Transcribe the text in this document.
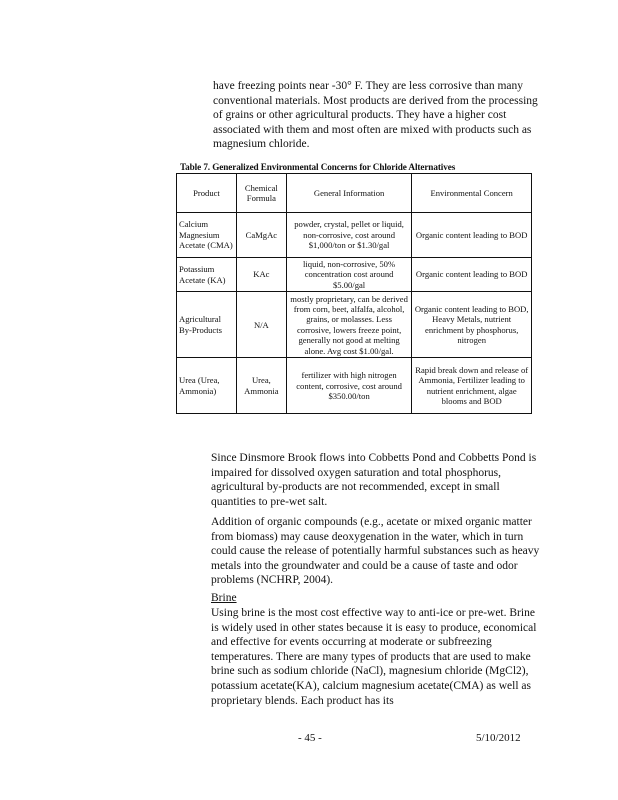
have freezing points near -30° F. They are less corrosive than many conventional materials. Most products are derived from the processing of grains or other agricultural products. They have a higher cost associated with them and most often are mixed with products such as magnesium chloride.

Table 7. Generalized Environmental Concerns for Chloride Alternatives
Product	Chemical Formula	General Information	Environmental Concern
Calcium Magnesium Acetate (CMA)	CaMgAc	powder, crystal, pellet or liquid, non-corrosive, cost around $1,000/ton or $1.30/gal	Organic content leading to BOD
Potassium Acetate (KA)	KAc	liquid, non-corrosive, 50% concentration cost around $5.00/gal	Organic content leading to BOD
Agricultural By-Products	N/A	mostly proprietary, can be derived from corn, beet, alfalfa, alcohol, grains, or molasses. Less corrosive, lowers freeze point, generally not good at melting alone. Avg cost $1.00/gal.	Organic content leading to BOD, Heavy Metals, nutrient enrichment by phosphorus, nitrogen
Urea (Urea, Ammonia)	Urea, Ammonia	fertilizer with high nitrogen content, corrosive, cost around $350.00/ton	Rapid break down and release of Ammonia, Fertilizer leading to nutrient enrichment, algae blooms and BOD

Since Dinsmore Brook flows into Cobbetts Pond and Cobbetts Pond is impaired for dissolved oxygen saturation and total phosphorus, agricultural by-products are not recommended, except in small quantities to pre-wet salt.

Addition of organic compounds (e.g., acetate or mixed organic matter from biomass) may cause deoxygenation in the water, which in turn could cause the release of potentially harmful substances such as heavy metals into the groundwater and could be a cause of taste and odor problems (NCHRP, 2004).

Brine

Using brine is the most cost effective way to anti-ice or pre-wet. Brine is widely used in other states because it is easy to produce, economical and effective for events occurring at moderate or subfreezing temperatures. There are many types of products that are used to make brine such as sodium chloride (NaCl), magnesium chloride (MgCl2), potassium acetate(KA), calcium magnesium acetate(CMA) as well as proprietary blends. Each product has its

- 45 -	5/10/2012
